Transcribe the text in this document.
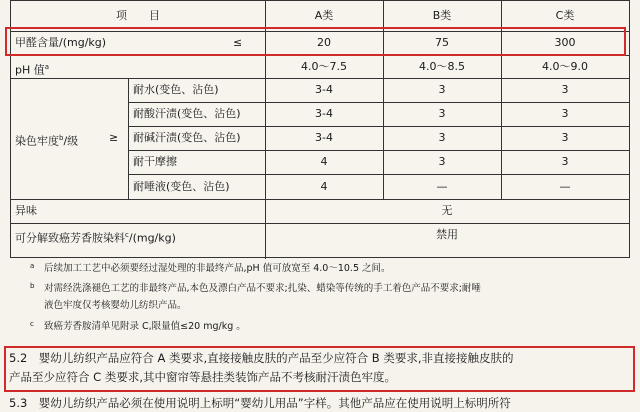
项　　目	A类	B类	C类
甲醛含量/(mg/kg)	≤	20	75	300
pH 值$^a$	4.0～7.5	4.0～8.5	4.0～9.0
染色牢度$^b$/级	≥
耐水(变色、沾色)	3-4	3	3
耐酸汗渍(变色、沾色)	3-4	3	3
耐碱汗渍(变色、沾色)	3-4	3	3
耐干摩擦	4	3	3
耐唾液(变色、沾色)	4	—	—
异味	无
可分解致癌芳香胺染料$^c$/(mg/kg)	禁用
a 后续加工工艺中必须要经过湿处理的非最终产品,pH 值可放宽至 4.0～10.5 之间。
b 对需经洗涤褪色工艺的非最终产品,本色及漂白产品不要求;扎染、蜡染等传统的手工着色产品不要求;耐唾
液色牢度仅考核婴幼儿纺织产品。
c 致癌芳香胺清单见附录 C,限量值≤20 mg/kg 。
5.2　 婴幼儿纺织产品应符合 A 类要求,直接接触皮肤的产品至少应符合 B 类要求,非直接接触皮肤的
产品至少应符合 C 类要求,其中窗帘等悬挂类装饰产品不考核耐汗渍色牢度。
5.3　 婴幼儿纺织产品必须在使用说明上标明“婴幼儿用品”字样。其他产品应在使用说明上标明所符
